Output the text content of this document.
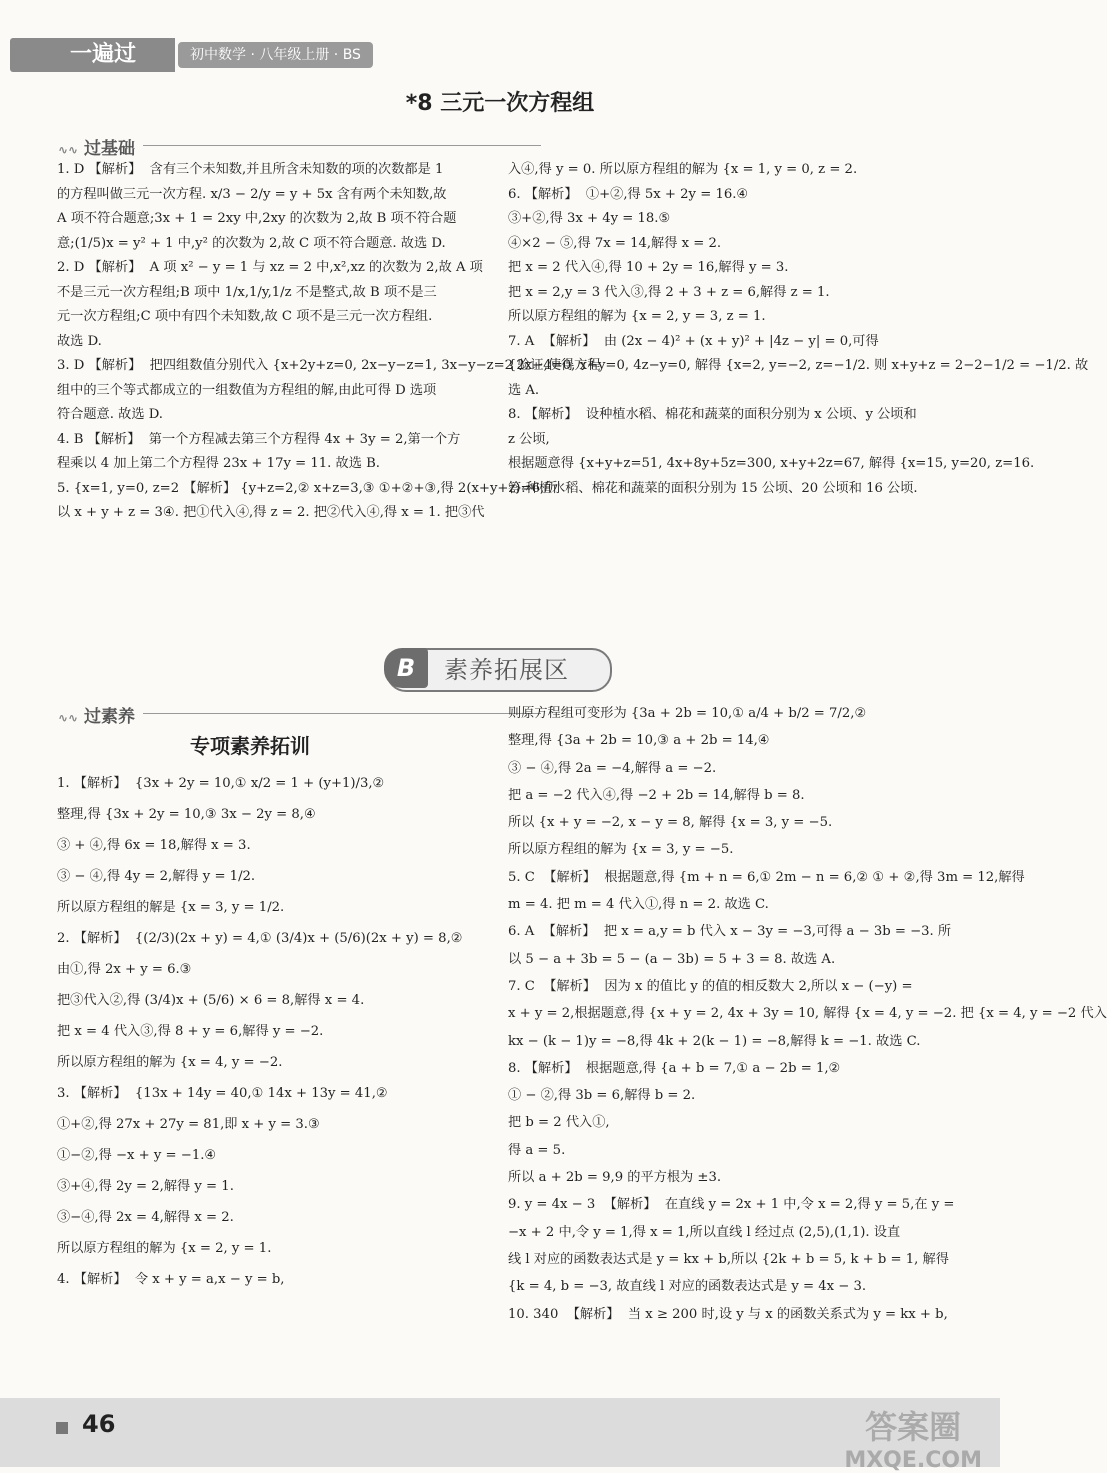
一遍过	初中数学 · 八年级上册 · BS
*8 三元一次方程组
∿∿ 过基础

1. D 【解析】  含有三个未知数,并且所含未知数的项的次数都是 1

的方程叫做三元一次方程. x/3 − 2/y = y + 5x 含有两个未知数,故

A 项不符合题意;3x + 1 = 2xy 中,2xy 的次数为 2,故 B 项不符合题

意;(1/5)x = y² + 1 中,y² 的次数为 2,故 C 项不符合题意. 故选 D.

2. D 【解析】  A 项 x² − y = 1 与 xz = 2 中,x²,xz 的次数为 2,故 A 项

不是三元一次方程组;B 项中 1/x,1/y,1/z 不是整式,故 B 项不是三

元一次方程组;C 项中有四个未知数,故 C 项不是三元一次方程组.

故选 D.

3. D 【解析】  把四组数值分别代入 {x+2y+z=0, 2x−y−z=1, 3x−y−z=2 验证,使得方程

组中的三个等式都成立的一组数值为方程组的解,由此可得 D 选项

符合题意. 故选 D.

4. B 【解析】  第一个方程减去第三个方程得 4x + 3y = 2,第一个方

程乘以 4 加上第二个方程得 23x + 17y = 11. 故选 B.

5. {x=1, y=0, z=2 【解析】 {y+z=2,② x+z=3,③ ①+②+③,得 2(x+y+z)=6,所

以 x + y + z = 3④. 把①代入④,得 z = 2. 把②代入④,得 x = 1. 把③代

入④,得 y = 0. 所以原方程组的解为 {x = 1, y = 0, z = 2.

6. 【解析】  ①+②,得 5x + 2y = 16.④

③+②,得 3x + 4y = 18.⑤

④×2 − ⑤,得 7x = 14,解得 x = 2.

把 x = 2 代入④,得 10 + 2y = 16,解得 y = 3.

把 x = 2,y = 3 代入③,得 2 + 3 + z = 6,解得 z = 1.

所以原方程组的解为 {x = 2, y = 3, z = 1.

7. A  【解析】  由 (2x − 4)² + (x + y)² + |4z − y| = 0,可得

{2x−4=0, x+y=0, 4z−y=0, 解得 {x=2, y=−2, z=−1/2. 则 x+y+z = 2−2−1/2 = −1/2. 故

选 A.

8. 【解析】  设种植水稻、棉花和蔬菜的面积分别为 x 公顷、y 公顷和

z 公顷,

根据题意得 {x+y+z=51, 4x+8y+5z=300, x+y+2z=67, 解得 {x=15, y=20, z=16.

答:种植水稻、棉花和蔬菜的面积分别为 15 公顷、20 公顷和 16 公顷.

B	素养拓展区
∿∿ 过素养
专项素养拓训

1. 【解析】  {3x + 2y = 10,① x/2 = 1 + (y+1)/3,②

整理,得 {3x + 2y = 10,③ 3x − 2y = 8,④

③ + ④,得 6x = 18,解得 x = 3.

③ − ④,得 4y = 2,解得 y = 1/2.

所以原方程组的解是 {x = 3, y = 1/2.

2. 【解析】  {(2/3)(2x + y) = 4,① (3/4)x + (5/6)(2x + y) = 8,②

由①,得 2x + y = 6.③

把③代入②,得 (3/4)x + (5/6) × 6 = 8,解得 x = 4.

把 x = 4 代入③,得 8 + y = 6,解得 y = −2.

所以原方程组的解为 {x = 4, y = −2.

3. 【解析】  {13x + 14y = 40,① 14x + 13y = 41,②

①+②,得 27x + 27y = 81,即 x + y = 3.③

①−②,得 −x + y = −1.④

③+④,得 2y = 2,解得 y = 1.

③−④,得 2x = 4,解得 x = 2.

所以原方程组的解为 {x = 2, y = 1.

4. 【解析】  令 x + y = a,x − y = b,

则原方程组可变形为 {3a + 2b = 10,① a/4 + b/2 = 7/2,②

整理,得 {3a + 2b = 10,③ a + 2b = 14,④

③ − ④,得 2a = −4,解得 a = −2.

把 a = −2 代入④,得 −2 + 2b = 14,解得 b = 8.

所以 {x + y = −2, x − y = 8, 解得 {x = 3, y = −5.

所以原方程组的解为 {x = 3, y = −5.

5. C  【解析】  根据题意,得 {m + n = 6,① 2m − n = 6,② ① + ②,得 3m = 12,解得

m = 4. 把 m = 4 代入①,得 n = 2. 故选 C.

6. A  【解析】  把 x = a,y = b 代入 x − 3y = −3,可得 a − 3b = −3. 所

以 5 − a + 3b = 5 − (a − 3b) = 5 + 3 = 8. 故选 A.

7. C  【解析】  因为 x 的值比 y 的值的相反数大 2,所以 x − (−y) =

x + y = 2,根据题意,得 {x + y = 2, 4x + 3y = 10, 解得 {x = 4, y = −2. 把 {x = 4, y = −2 代入

kx − (k − 1)y = −8,得 4k + 2(k − 1) = −8,解得 k = −1. 故选 C.

8. 【解析】  根据题意,得 {a + b = 7,① a − 2b = 1,②

① − ②,得 3b = 6,解得 b = 2.

把 b = 2 代入①,

得 a = 5.

所以 a + 2b = 9,9 的平方根为 ±3.

9. y = 4x − 3  【解析】  在直线 y = 2x + 1 中,令 x = 2,得 y = 5,在 y =

−x + 2 中,令 y = 1,得 x = 1,所以直线 l 经过点 (2,5),(1,1). 设直

线 l 对应的函数表达式是 y = kx + b,所以 {2k + b = 5, k + b = 1, 解得

{k = 4, b = −3, 故直线 l 对应的函数表达式是 y = 4x − 3.

10. 340  【解析】  当 x ≥ 200 时,设 y 与 x 的函数关系式为 y = kx + b,

46	答案圈
MXQE.COM
